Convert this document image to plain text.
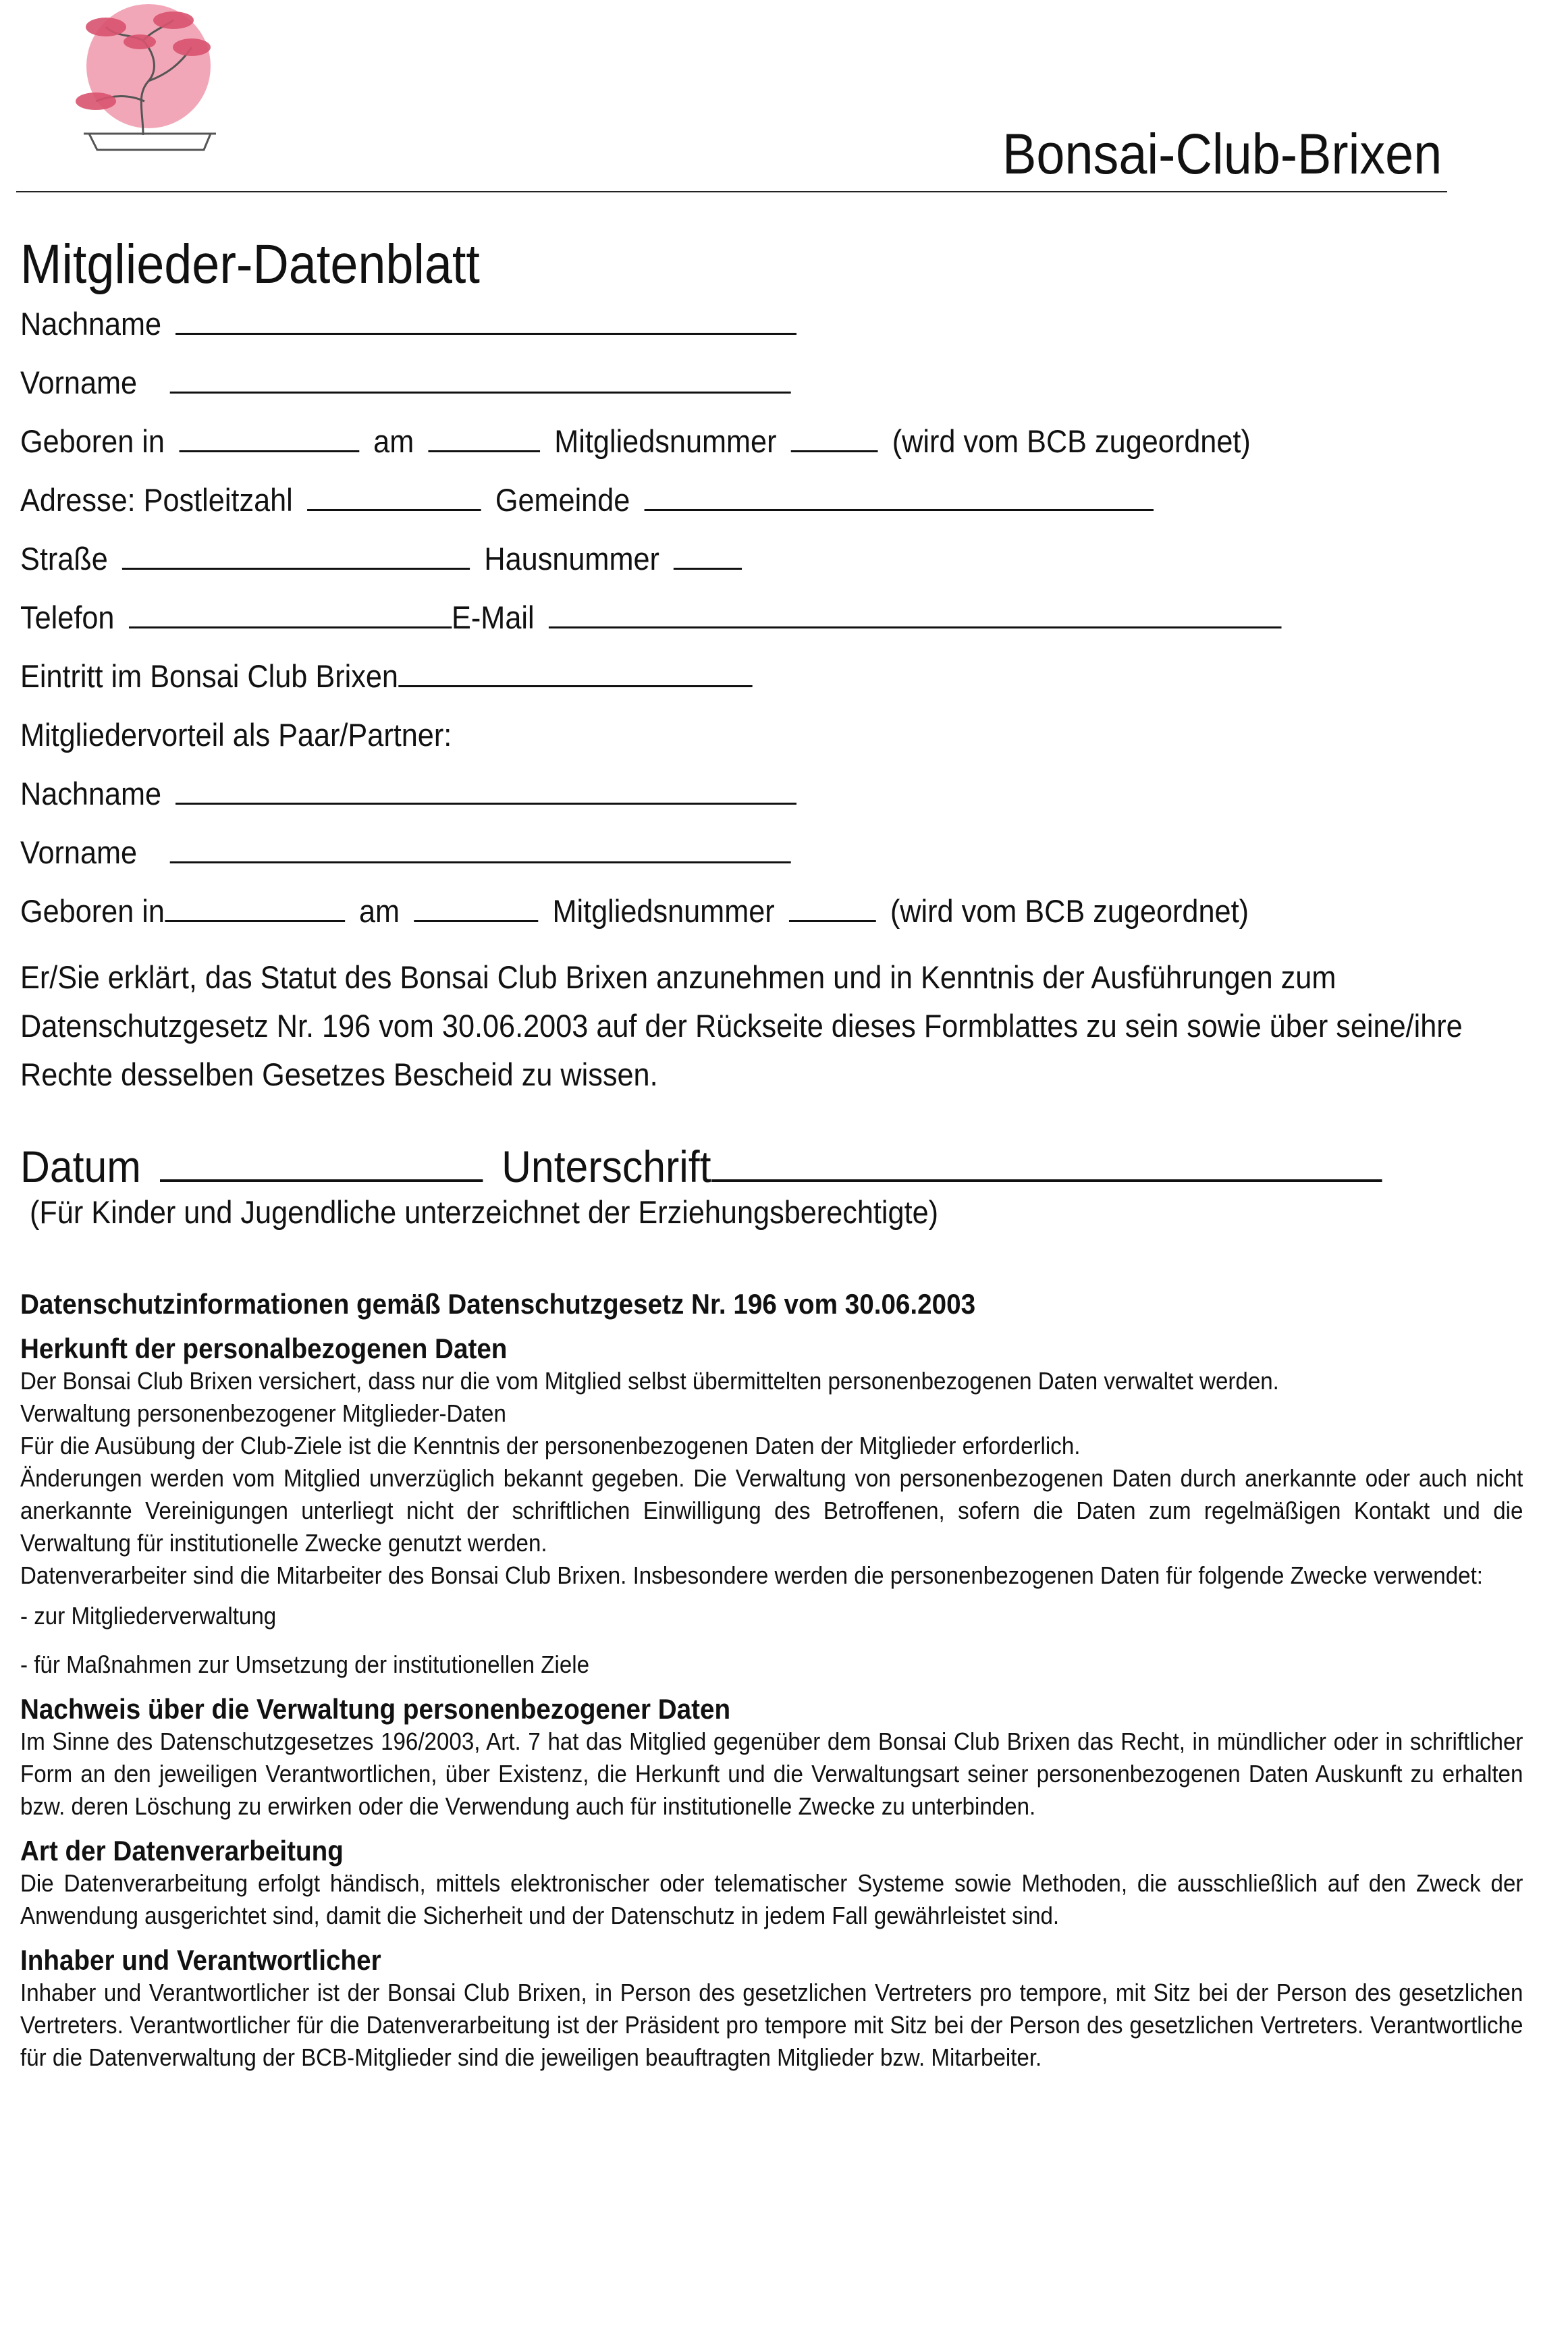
Bonsai-Club-Brixen
Mitglieder-Datenblatt
Nachname
Vorname
Geboren in	am	Mitgliedsnummer	(wird vom BCB zugeordnet)
Adresse: Postleitzahl	Gemeinde
Straße	Hausnummer
Telefon	E-Mail
Eintritt im Bonsai Club Brixen
Mitgliedervorteil als Paar/Partner:
Nachname
Vorname
Geboren in	am	Mitgliedsnummer	(wird vom BCB zugeordnet)
Er/Sie erklärt, das Statut des Bonsai Club Brixen anzunehmen und in Kenntnis der Ausführungen zum Datenschutzgesetz Nr. 196 vom 30.06.2003 auf der Rückseite dieses Formblattes zu sein sowie über seine/ihre Rechte desselben Gesetzes Bescheid zu wissen.
Datum	Unterschrift
(Für Kinder und Jugendliche unterzeichnet der Erziehungsberechtigte)
Datenschutzinformationen gemäß Datenschutzgesetz Nr. 196 vom 30.06.2003
Herkunft der personalbezogenen Daten
Der Bonsai Club Brixen versichert, dass nur die vom Mitglied selbst übermittelten personenbezogenen Daten verwaltet werden.
Verwaltung personenbezogener Mitglieder-Daten
Für die Ausübung der Club-Ziele ist die Kenntnis der personenbezogenen Daten der Mitglieder erforderlich.
Änderungen werden vom Mitglied unverzüglich bekannt gegeben. Die Verwaltung von personenbezogenen Daten durch anerkannte oder auch nicht anerkannte Vereinigungen unterliegt nicht der schriftlichen Einwilligung des Betroffenen, sofern die Daten zum regelmäßigen Kontakt und die Verwaltung für institutionelle Zwecke genutzt werden.
Datenverarbeiter sind die Mitarbeiter des Bonsai Club Brixen. Insbesondere werden die personenbezogenen Daten für folgende Zwecke verwendet:
- zur Mitgliederverwaltung
- für Maßnahmen zur Umsetzung der institutionellen Ziele
Nachweis über die Verwaltung personenbezogener Daten
Im Sinne des Datenschutzgesetzes 196/2003, Art. 7 hat das Mitglied gegenüber dem Bonsai Club Brixen das Recht, in mündlicher oder in schriftlicher Form an den jeweiligen Verantwortlichen, über Existenz, die Herkunft und die Verwaltungsart seiner personenbezogenen Daten Auskunft zu erhalten bzw. deren Löschung zu erwirken oder die Verwendung auch für institutionelle Zwecke zu unterbinden.
Art der Datenverarbeitung
Die Datenverarbeitung erfolgt händisch, mittels elektronischer oder telematischer Systeme sowie Methoden, die ausschließlich auf den Zweck der Anwendung ausgerichtet sind, damit die Sicherheit und der Datenschutz in jedem Fall gewährleistet sind.
Inhaber und Verantwortlicher
Inhaber und Verantwortlicher ist der Bonsai Club Brixen, in Person des gesetzlichen Vertreters pro tempore, mit Sitz bei der Person des gesetzlichen Vertreters. Verantwortlicher für die Datenverarbeitung ist der Präsident pro tempore mit Sitz bei der Person des gesetzlichen Vertreters. Verantwortliche für die Datenverwaltung der BCB-Mitglieder sind die jeweiligen beauftragten Mitglieder bzw. Mitarbeiter.
